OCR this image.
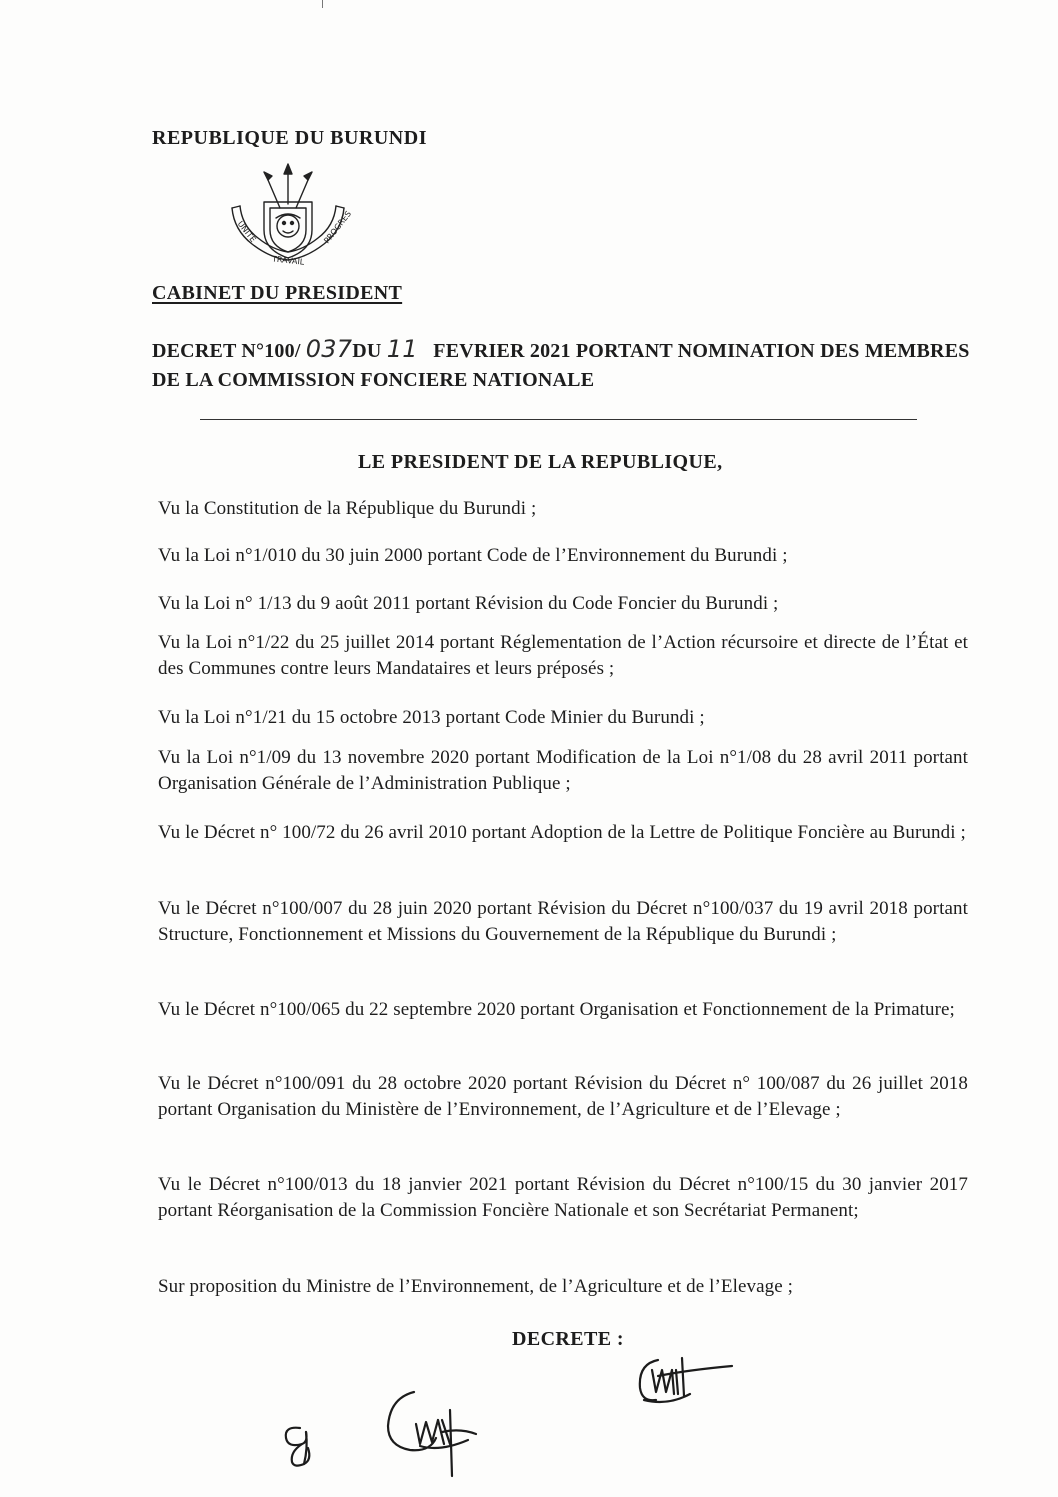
REPUBLIQUE DU BURUNDI
UNITE
TRAVAIL
PROGRES
CABINET DU PRESIDENT
DECRET N°100/ 037DU 11 FEVRIER 2021 PORTANT NOMINATION DES MEMBRES DE LA COMMISSION FONCIERE NATIONALE
LE PRESIDENT DE LA REPUBLIQUE,
Vu la Constitution de la République du Burundi ;
Vu la Loi n°1/010 du 30 juin 2000 portant Code de l’Environnement du Burundi ;
Vu la Loi n° 1/13 du 9 août 2011 portant Révision du Code Foncier du Burundi ;
Vu la Loi n°1/22 du 25 juillet 2014 portant Réglementation de l’Action récursoire et directe de l’État et des Communes contre leurs Mandataires et leurs préposés ;
Vu la Loi n°1/21 du 15 octobre 2013 portant Code Minier du Burundi ;
Vu la Loi n°1/09 du 13 novembre 2020 portant Modification de la Loi n°1/08 du 28 avril 2011 portant Organisation Générale de l’Administration Publique ;
Vu le Décret n° 100/72 du 26 avril 2010 portant Adoption de la Lettre de Politique Foncière au Burundi ;
Vu le Décret n°100/007 du 28 juin 2020 portant Révision du Décret n°100/037 du 19 avril 2018 portant Structure, Fonctionnement et Missions du Gouvernement de la République du Burundi ;
Vu le Décret n°100/065 du 22 septembre 2020 portant Organisation et Fonctionnement de la Primature;
Vu le Décret n°100/091 du 28 octobre 2020 portant Révision du Décret n° 100/087 du 26 juillet 2018 portant Organisation du Ministère de l’Environnement, de l’Agriculture et de l’Elevage ;
Vu le Décret n°100/013 du 18 janvier 2021 portant Révision du Décret n°100/15 du 30 janvier 2017 portant Réorganisation de la Commission Foncière Nationale et son Secrétariat Permanent;
Sur proposition du Ministre de l’Environnement, de l’Agriculture et de l’Elevage ;
DECRETE :
